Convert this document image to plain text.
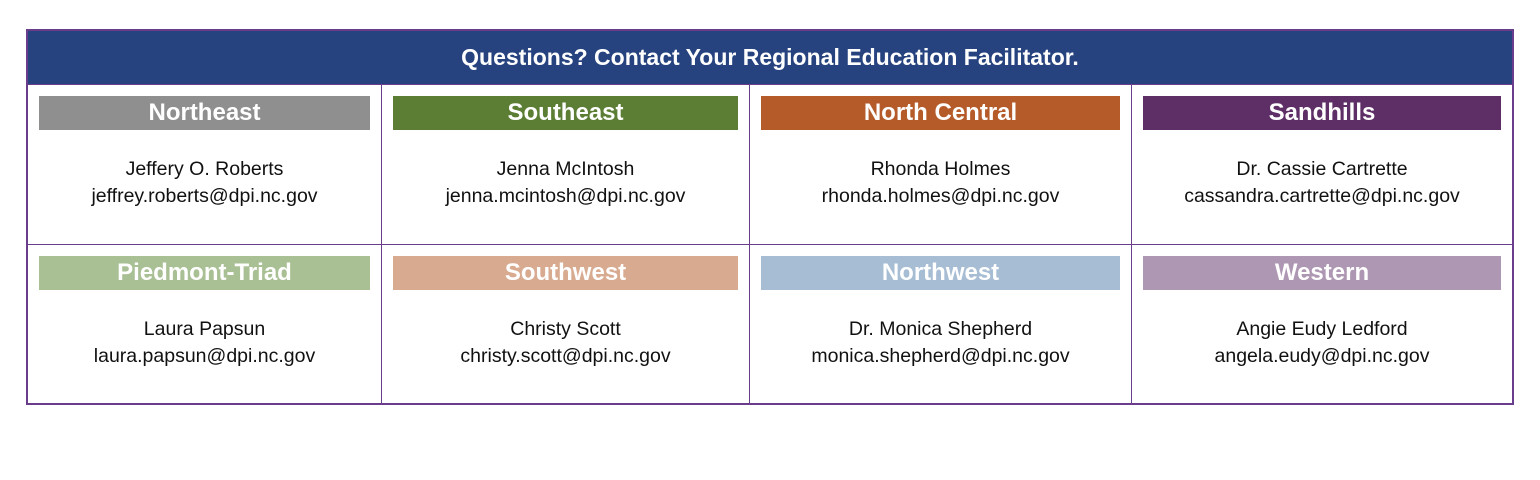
Questions? Contact Your Regional Education Facilitator.
Northeast
Jeffery O. Roberts
jeffrey.roberts@dpi.nc.gov
Southeast
Jenna McIntosh
jenna.mcintosh@dpi.nc.gov
North Central
Rhonda Holmes
rhonda.holmes@dpi.nc.gov
Sandhills
Dr. Cassie Cartrette
cassandra.cartrette@dpi.nc.gov
Piedmont-Triad
Laura Papsun
laura.papsun@dpi.nc.gov
Southwest
Christy Scott
christy.scott@dpi.nc.gov
Northwest
Dr. Monica Shepherd
monica.shepherd@dpi.nc.gov
Western
Angie Eudy Ledford
angela.eudy@dpi.nc.gov
